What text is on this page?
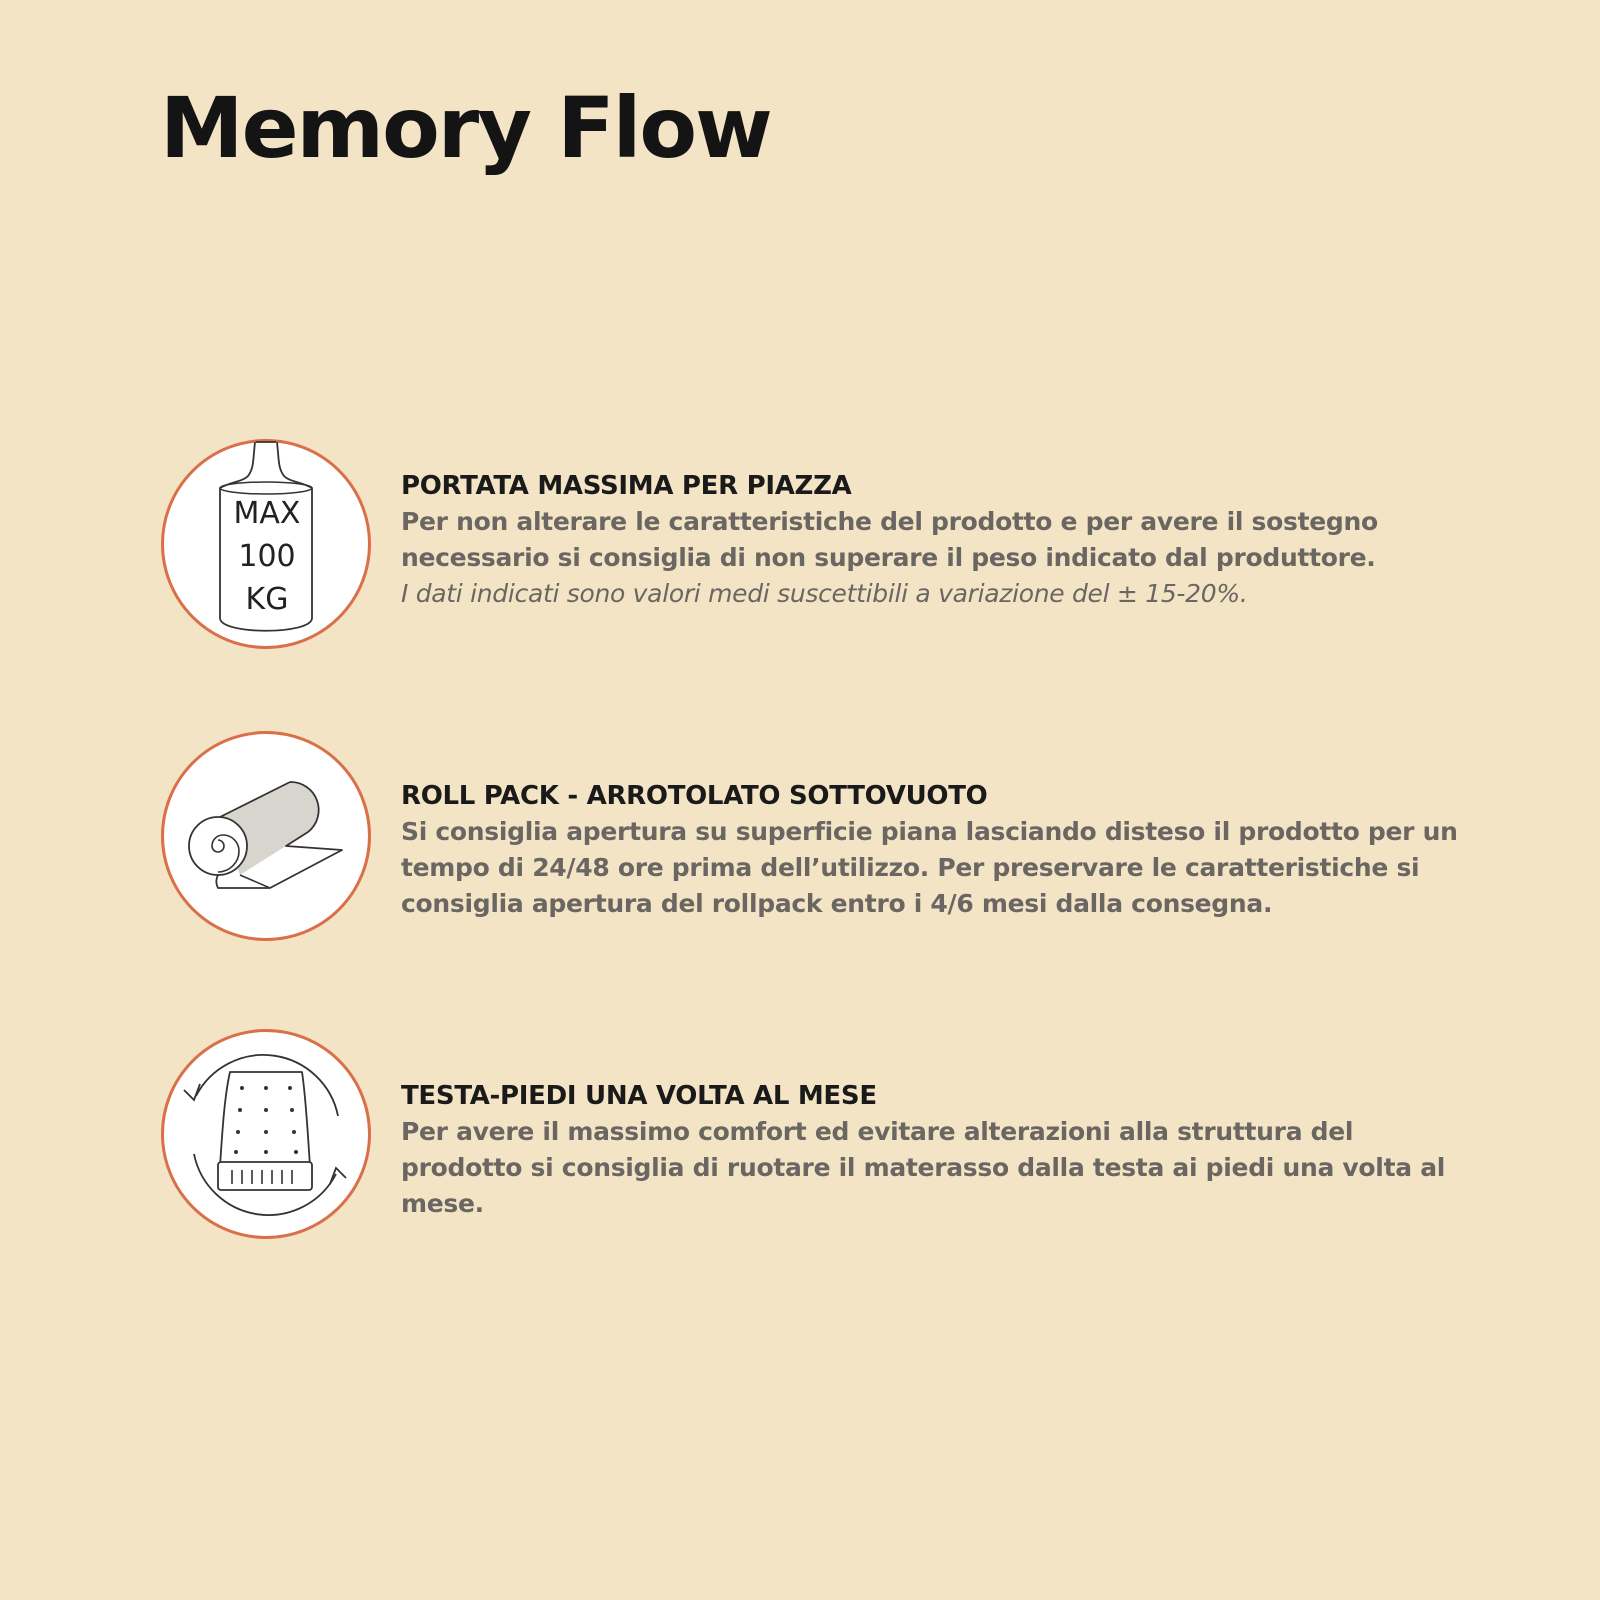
Memory Flow
MAX
100
KG

PORTATA MASSIMA PER PIAZZA

Per non alterare le caratteristiche del prodotto e per avere il sostegno necessario si consiglia di non superare il peso indicato dal produttore.

I dati indicati sono valori medi suscettibili a variazione del ± 15-20%.

ROLL PACK - ARROTOLATO SOTTOVUOTO

Si consiglia apertura su superficie piana lasciando disteso il prodotto per un tempo di 24/48 ore prima dell’utilizzo. Per preservare le caratteristiche si consiglia apertura del rollpack entro i 4/6 mesi dalla consegna.

TESTA-PIEDI UNA VOLTA AL MESE

Per avere il massimo comfort ed evitare alterazioni alla struttura del prodotto si consiglia di ruotare il materasso dalla testa ai piedi una volta al mese.
